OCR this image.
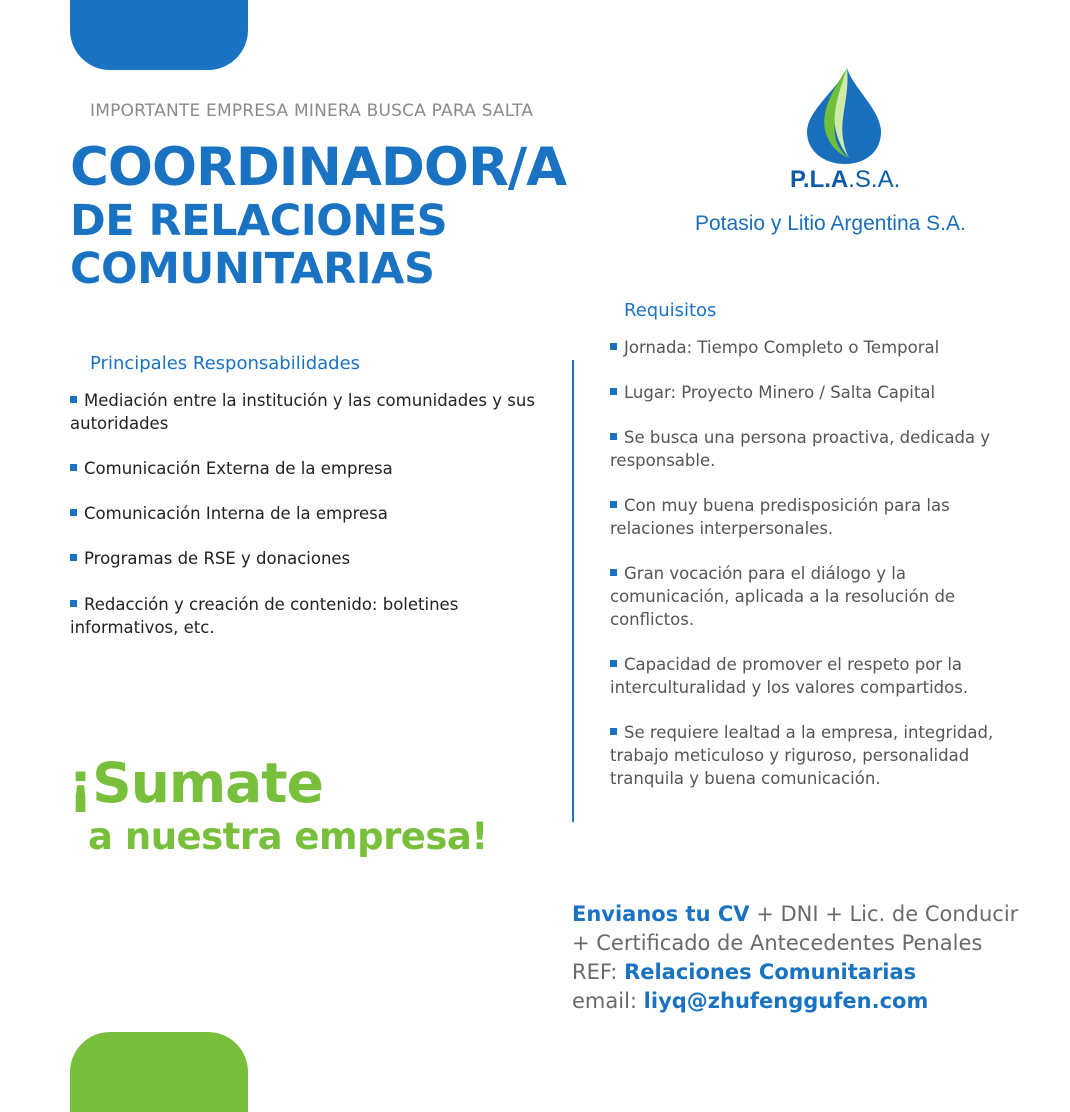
IMPORTANTE EMPRESA MINERA BUSCA PARA SALTA
COORDINADOR/A
DE RELACIONES
COMUNITARIAS
P.L.A.S.A.
Potasio y Litio Argentina S.A.
Principales Responsabilidades
Mediación entre la institución y las comunidades y sus autoridades
Comunicación Externa de la empresa
Comunicación Interna de la empresa
Programas de RSE y donaciones
Redacción y creación de contenido: boletines informativos, etc.
Requisitos
Jornada: Tiempo Completo o Temporal
Lugar: Proyecto Minero / Salta Capital
Se busca una persona proactiva, dedicada y responsable.
Con muy buena predisposición para las relaciones interpersonales.
Gran vocación para el diálogo y la comunicación, aplicada a la resolución de conflictos.
Capacidad de promover el respeto por la interculturalidad y los valores compartidos.
Se requiere lealtad a la empresa, integridad, trabajo meticuloso y riguroso, personalidad tranquila y buena comunicación.
¡Sumate
a nuestra empresa!
Envianos tu CV + DNI + Lic. de Conducir
+ Certificado de Antecedentes Penales
REF: Relaciones Comunitarias
email: liyq@zhufenggufen.com
